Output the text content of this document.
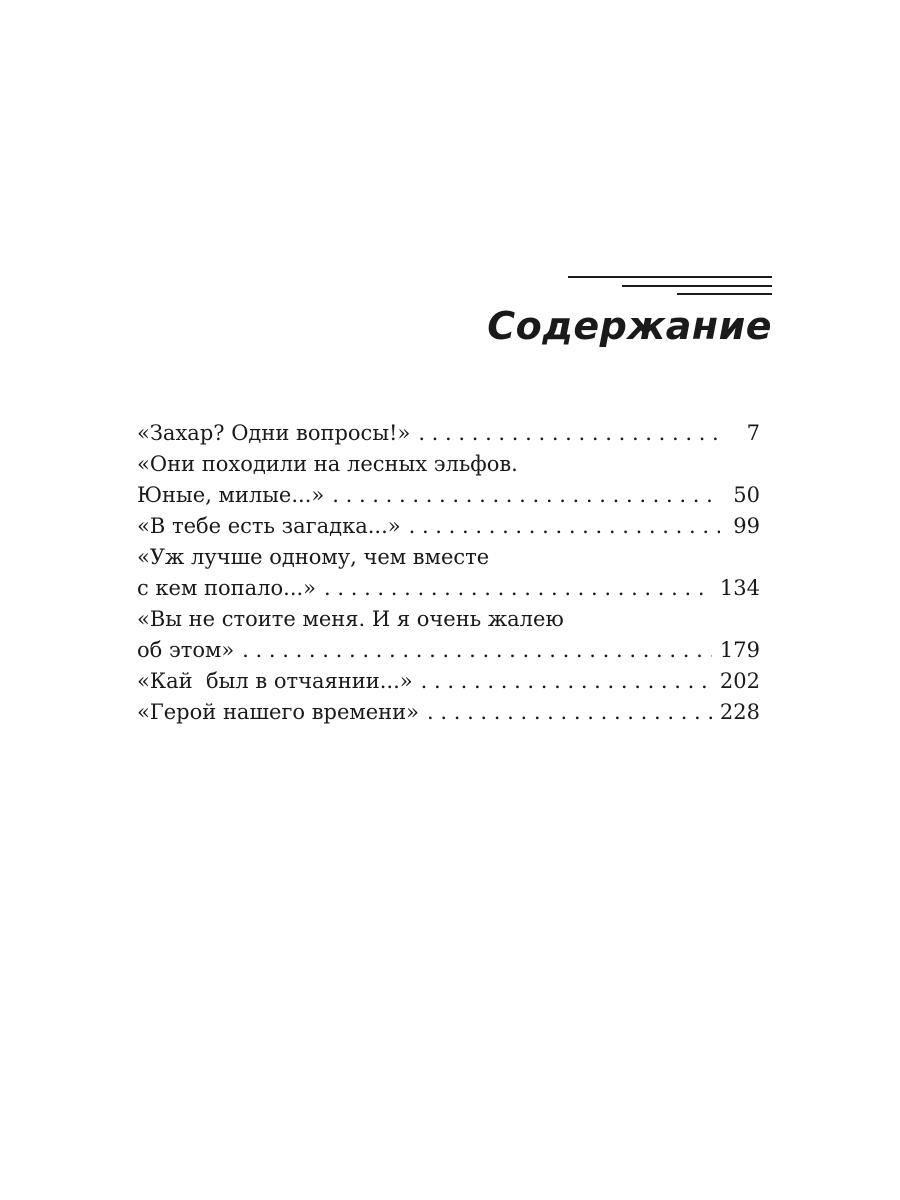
Содержание
«Захар? Одни вопросы!» . . .	7
«Они походили на лесных эльфов.
Юные, милые...» . . .	50
«В тебе есть загадка...» . . .	99
«Уж лучше одному, чем вместе
с кем попало...» . . .	134
«Вы не стоите меня. И я очень жалею
об этом» . . .	179
«Кай  был в отчаянии...» . . .	202
«Герой нашего времени» . . .	228
